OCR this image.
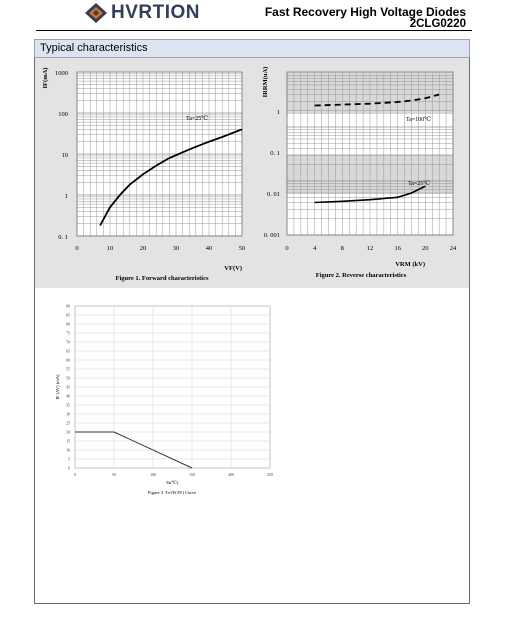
HVRTION	Fast Recovery High Voltage Diodes
2CLG0220
Typical characteristics
1000
100
10
1
0. 1
0	10	20	30	40	50
IF(mA)
VF(V)
Figure 1. Forward characteristics
Ta=25℃
1
0. 1
0. 01
0. 001
0	4	8	12	16	20	24
IRRM(uA)
VRM (kV)
Figure 2. Reverse characteristics
Ta=100℃
Ta=25℃
0
5
10
15
20
25
30
35
40
45
50
55
60
65
70
75
80
85
90
0	50	100	150	200	250
IF (AV) (mA)
Ta(℃)
Figure 3. Ta-IF(AV) Curve
